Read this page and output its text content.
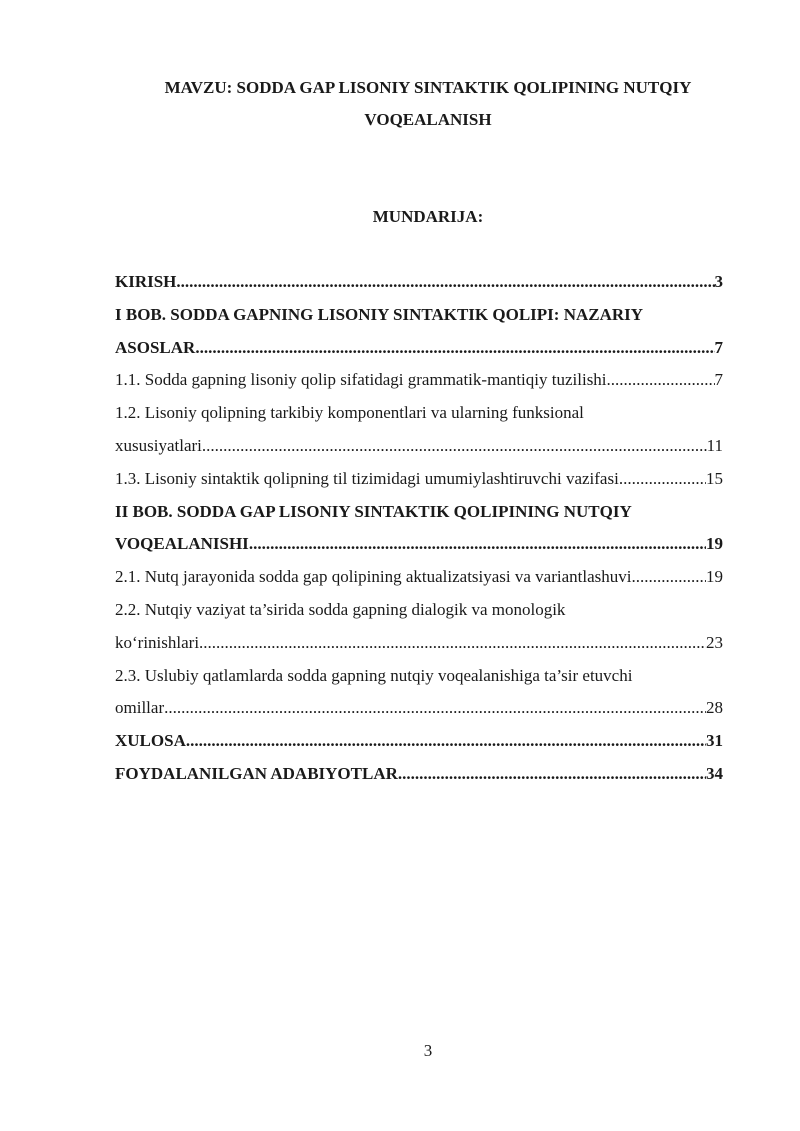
MAVZU: SODDA GAP LISONIY SINTAKTIK QOLIPINING NUTQIY
VOQEALANISH
MUNDARIJA:
KIRISH .....	3
I BOB. SODDA GAPNING LISONIY SINTAKTIK QOLIPI: NAZARIY
ASOSLAR .....	7
1.1. Sodda gapning lisoniy qolip sifatidagi grammatik-mantiqiy tuzilishi .....	7
1.2. Lisoniy qolipning tarkibiy komponentlari va ularning funksional
xususiyatlari .....	11
1.3. Lisoniy sintaktik qolipning til tizimidagi umumiylashtiruvchi vazifasi .....	15
II BOB. SODDA GAP LISONIY SINTAKTIK QOLIPINING NUTQIY
VOQEALANISHI .....	19
2.1. Nutq jarayonida sodda gap qolipining aktualizatsiyasi va variantlashuvi .....	19
2.2. Nutqiy vaziyat ta’sirida sodda gapning dialogik va monologik
ko‘rinishlari .....	23
2.3. Uslubiy qatlamlarda sodda gapning nutqiy voqealanishiga ta’sir etuvchi
omillar .....	28
XULOSA .....	31
FOYDALANILGAN ADABIYOTLAR .....	34
3
